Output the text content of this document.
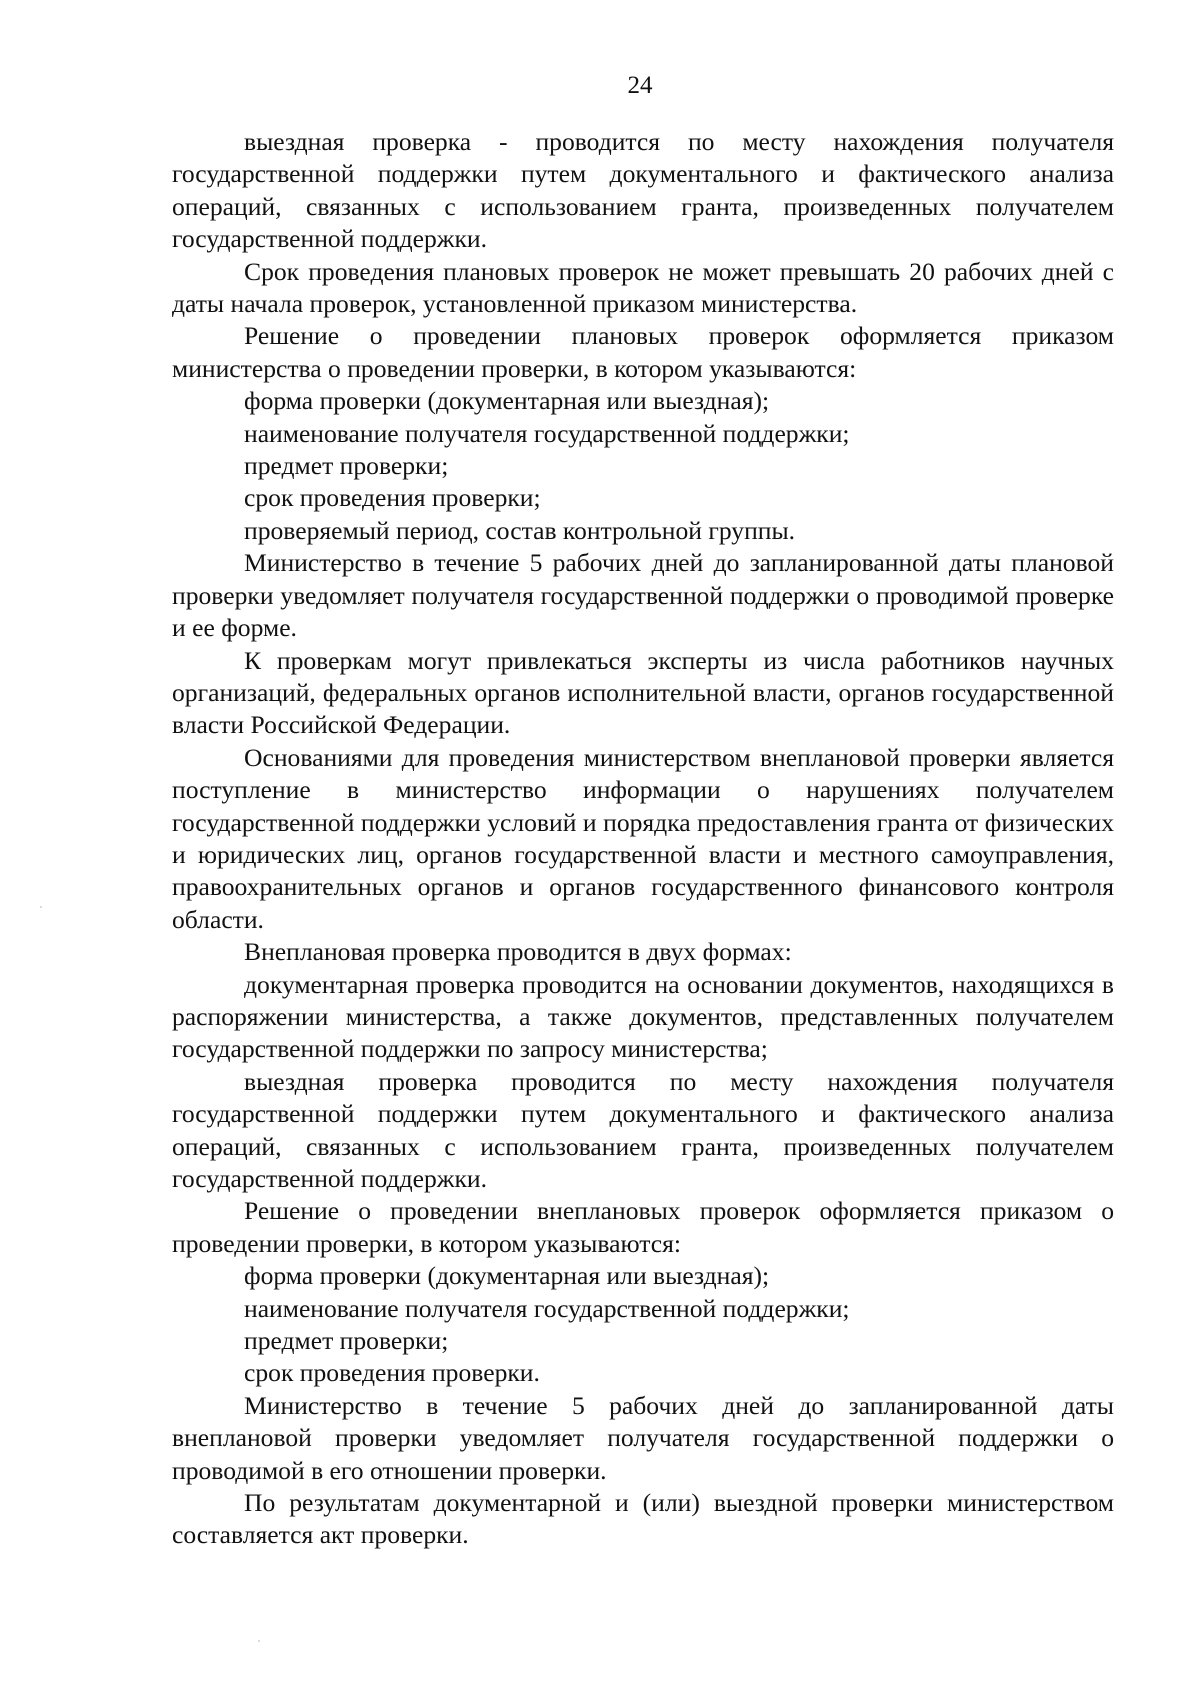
24

выездная проверка - проводится по месту нахождения получателя государственной поддержки путем документального и фактического анализа операций, связанных с использованием гранта, произведенных получателем государственной поддержки.

Срок проведения плановых проверок не может превышать 20 рабочих дней с даты начала проверок, установленной приказом министерства.

Решение о проведении плановых проверок оформляется приказом министерства о проведении проверки, в котором указываются:

форма проверки (документарная или выездная);

наименование получателя государственной поддержки;

предмет проверки;

срок проведения проверки;

проверяемый период, состав контрольной группы.

Министерство в течение 5 рабочих дней до запланированной даты плановой проверки уведомляет получателя государственной поддержки о проводимой проверке и ее форме.

К проверкам могут привлекаться эксперты из числа работников научных организаций, федеральных органов исполнительной власти, органов государственной власти Российской Федерации.

Основаниями для проведения министерством внеплановой проверки является поступление в министерство информации о нарушениях получателем государственной поддержки условий и порядка предоставления гранта от физических и юридических лиц, органов государственной власти и местного самоуправления, правоохранительных органов и органов государственного финансового контроля области.

Внеплановая проверка проводится в двух формах:

документарная проверка проводится на основании документов, находящихся в распоряжении министерства, а также документов, представленных получателем государственной поддержки по запросу министерства;

выездная проверка проводится по месту нахождения получателя государственной поддержки путем документального и фактического анализа операций, связанных с использованием гранта, произведенных получателем государственной поддержки.

Решение о проведении внеплановых проверок оформляется приказом о проведении проверки, в котором указываются:

форма проверки (документарная или выездная);

наименование получателя государственной поддержки;

предмет проверки;

срок проведения проверки.

Министерство в течение 5 рабочих дней до запланированной даты внеплановой проверки уведомляет получателя государственной поддержки о проводимой в его отношении проверки.

По результатам документарной и (или) выездной проверки министерством составляется акт проверки.
